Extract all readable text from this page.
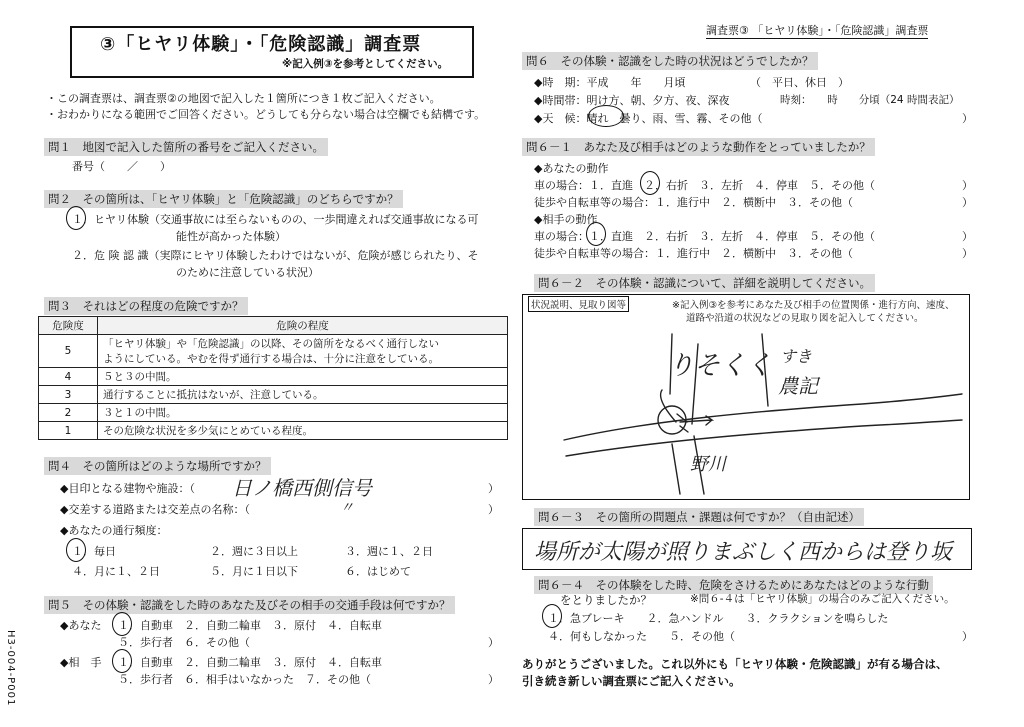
③「ヒヤリ体験」・「危険認識」調査票
※記入例③を参考としてください。
調査票③ 「ヒヤリ体験」・「危険認識」調査票
H3-004-P001
・この調査票は、調査票②の地図で記入した１箇所につき１枚ご記入ください。
・おわかりになる範囲でご回答ください。どうしても分らない場合は空欄でも結構です。
問１　地図で記入した箇所の番号をご記入ください。
番号（　　／　　）
問２　その箇所は、「ヒヤリ体験」と「危険認識」のどちらですか？
１．ヒヤリ体験（交通事故には至らないものの、一歩間違えれば交通事故になる可
能性が高かった体験）
２．危 険 認 識（実際にヒヤリ体験したわけではないが、危険が感じられたり、そ
のために注意している状況）
問３　それはどの程度の危険ですか？
危険度	危険の程度
5	「ヒヤリ体験」や「危険認識」の以降、その箇所をなるべく通行しない
ようにしている。やむを得ず通行する場合は、十分に注意をしている。

4	５と３の中間。
3	通行することに抵抗はないが、注意している。
2	３と１の中間。
1	その危険な状況を多少気にとめている程度。
問４　その箇所はどのような場所ですか？
◆目印となる建物や施設：（ 日ノ橋西側信号	）
◆交差する道路または交差点の名称：（	〃	）
◆あなたの通行頻度：
１．毎日	２．週に３日以上	３．週に１、２日
４．月に１、２日	５．月に１日以下	６．はじめて
問５　その体験・認識をした時のあなた及びその相手の交通手段は何ですか？
◆あなた １．自動車　２．自動二輪車　３．原付　４．自転車
５．歩行者　６．その他（	）
◆相　手 １．自動車　２．自動二輪車　３．原付　４．自転車
５．歩行者　６．相手はいなかった　７．その他（	）
問６　その体験・認識をした時の状況はどうでしたか？
◆時　期：平成　　年　　月頃	（　平日、休日　）
◆時間帯：明け方、朝、夕方、夜、深夜	時刻：　　時　　分頃（24 時間表記）
◆天　候：晴れ　曇り、雨、雪、霧、その他（	）
問６－１　あなた及び相手はどのような動作をとっていましたか？
◆あなたの動作
車の場合：１．直進　２．右折　３．左折　４．停車　５．その他（	）
徒歩や自転車等の場合：１．進行中　２．横断中　３．その他（	）
◆相手の動作
車の場合：１．直進　２．右折　３．左折　４．停車　５．その他（	）
徒歩や自転車等の場合：１．進行中　２．横断中　３．その他（	）
問６－２　その体験・認識について、詳細を説明してください。
状況説明、見取り図等	※記入例③を参考にあなた及び相手の位置関係・進行方向、速度、
道路や沿道の状況などの見取り図を記入してください。
りそくく すき
農記
野川
問６－３　その箇所の問題点・課題は何ですか？（自由記述）
場所が太陽が照りまぶしく西からは登り坂
問６－４　その体験をした時、危険をさけるためにあなたはどのような行動
をとりましたか？	※問６-４は「ヒヤリ体験」の場合のみご記入ください。
１．急ブレーキ　　２．急ハンドル　　３．クラクションを鳴らした
４．何もしなかった　　５．その他（	）
ありがとうございました。これ以外にも「ヒヤリ体験・危険認識」が有る場合は、
引き続き新しい調査票にご記入ください。
